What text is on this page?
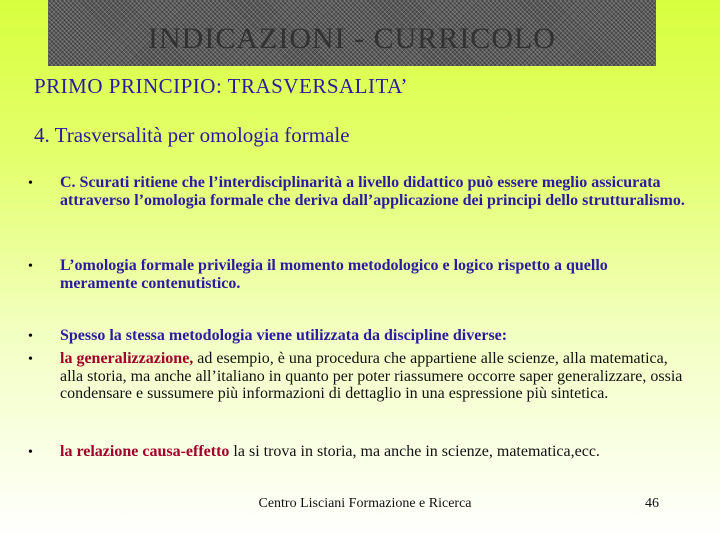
INDICAZIONI - CURRICOLO
PRIMO PRINCIPIO: TRASVERSALITA’
4. Trasversalità per omologia formale
•	C. Scurati ritiene che l’interdisciplinarità a livello didattico può essere meglio assicurata attraverso l’omologia formale che deriva dall’applicazione dei principi dello strutturalismo.
•	L’omologia formale privilegia il momento metodologico e logico rispetto a quello meramente contenutistico.
•	Spesso la stessa metodologia viene utilizzata da discipline diverse:
•	la generalizzazione, ad esempio, è una procedura che appartiene alle scienze, alla matematica, alla storia, ma anche all’italiano in quanto per poter riassumere occorre saper generalizzare, ossia condensare e sussumere più informazioni di dettaglio in una espressione più sintetica.
•	la relazione causa-effetto la si trova in storia, ma anche in scienze, matematica,ecc.
Centro Lisciani Formazione e Ricerca	46
